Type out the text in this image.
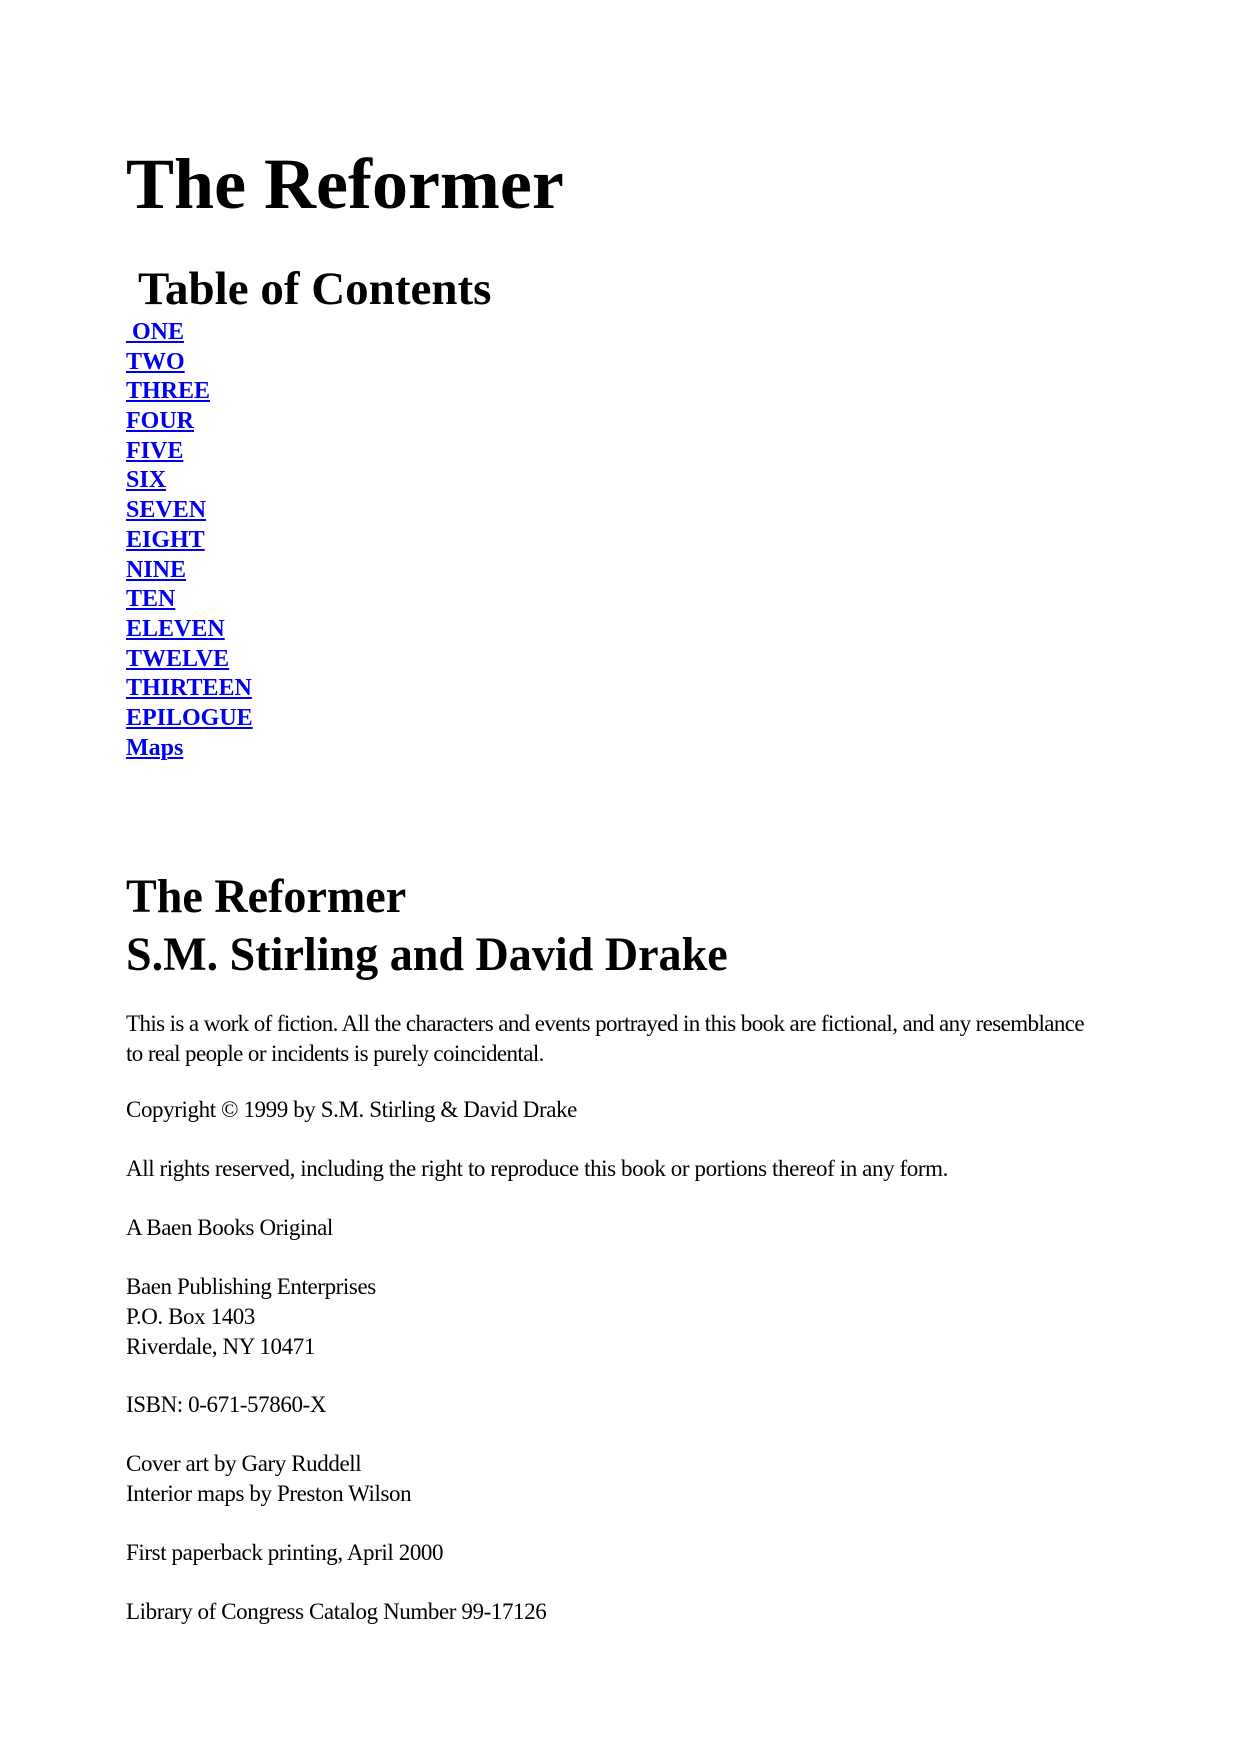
The Reformer
Table of Contents
ONE
TWO
THREE
FOUR
FIVE
SIX
SEVEN
EIGHT
NINE
TEN
ELEVEN
TWELVE
THIRTEEN
EPILOGUE
Maps
The Reformer
S.M. Stirling and David Drake

This is a work of fiction. All the characters and events portrayed in this book are fictional, and any resemblance to real people or incidents is purely coincidental.

Copyright © 1999 by S.M. Stirling & David Drake

All rights reserved, including the right to reproduce this book or portions thereof in any form.

A Baen Books Original

Baen Publishing Enterprises
P.O. Box 1403
Riverdale, NY 10471

ISBN: 0-671-57860-X

Cover art by Gary Ruddell
Interior maps by Preston Wilson

First paperback printing, April 2000

Library of Congress Catalog Number 99-17126
